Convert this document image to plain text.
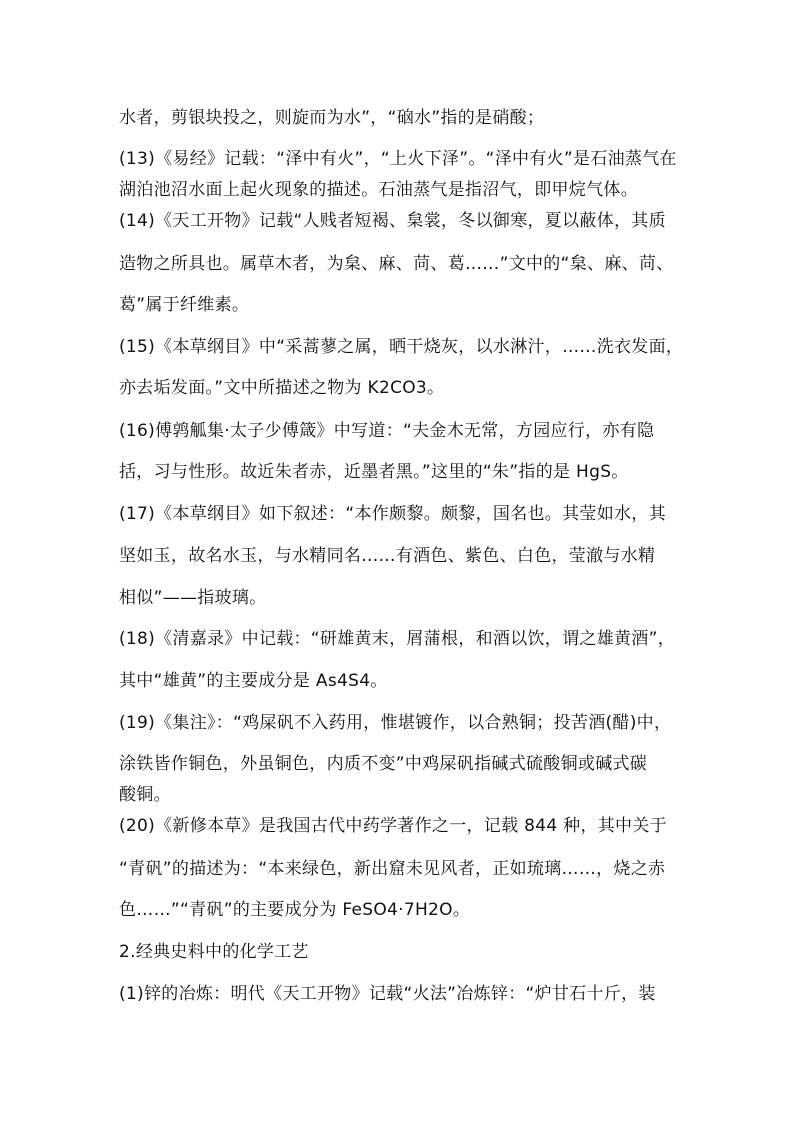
水者，剪银块投之，则旋而为水”，“硇水”指的是硝酸；
(13)《易经》记载：“泽中有火”，“上火下泽”。“泽中有火”是石油蒸气在
湖泊池沼水面上起火现象的描述。石油蒸气是指沼气，即甲烷气体。
(14)《天工开物》记载“人贱者短褐、枲裳，冬以御寒，夏以蔽体，其质
造物之所具也。属草木者，为枲、麻、苘、葛……”文中的“枲、麻、苘、
葛”属于纤维素。
(15)《本草纲目》中“采蒿蓼之属，晒干烧灰，以水淋汁，……洗衣发面，
亦去垢发面。”文中所描述之物为 K2CO3。
(16)傅鹑觚集·太子少傅箴》中写道：“夫金木无常，方园应行，亦有隐
括，习与性形。故近朱者赤，近墨者黑。”这里的“朱”指的是 HgS。
(17)《本草纲目》如下叙述：“本作颇黎。颇黎，国名也。其莹如水，其
坚如玉，故名水玉，与水精同名……有酒色、紫色、白色，莹澈与水精
相似”——指玻璃。
(18)《清嘉录》中记载：“研雄黄末，屑蒲根，和酒以饮，谓之雄黄酒”，
其中“雄黄”的主要成分是 As4S4。
(19)《集注》：“鸡屎矾不入药用，惟堪镀作，以合熟铜；投苦酒(醋)中，
涂铁皆作铜色，外虽铜色，内质不变”中鸡屎矾指碱式硫酸铜或碱式碳
酸铜。
(20)《新修本草》是我国古代中药学著作之一，记载 844 种，其中关于
“青矾”的描述为：“本来绿色，新出窟未见风者，正如琉璃……，烧之赤
色……”“青矾”的主要成分为 FeSO4·7H2O。
2.经典史料中的化学工艺
(1)锌的冶炼：明代《天工开物》记载“火法”冶炼锌：“炉甘石十斤，装
